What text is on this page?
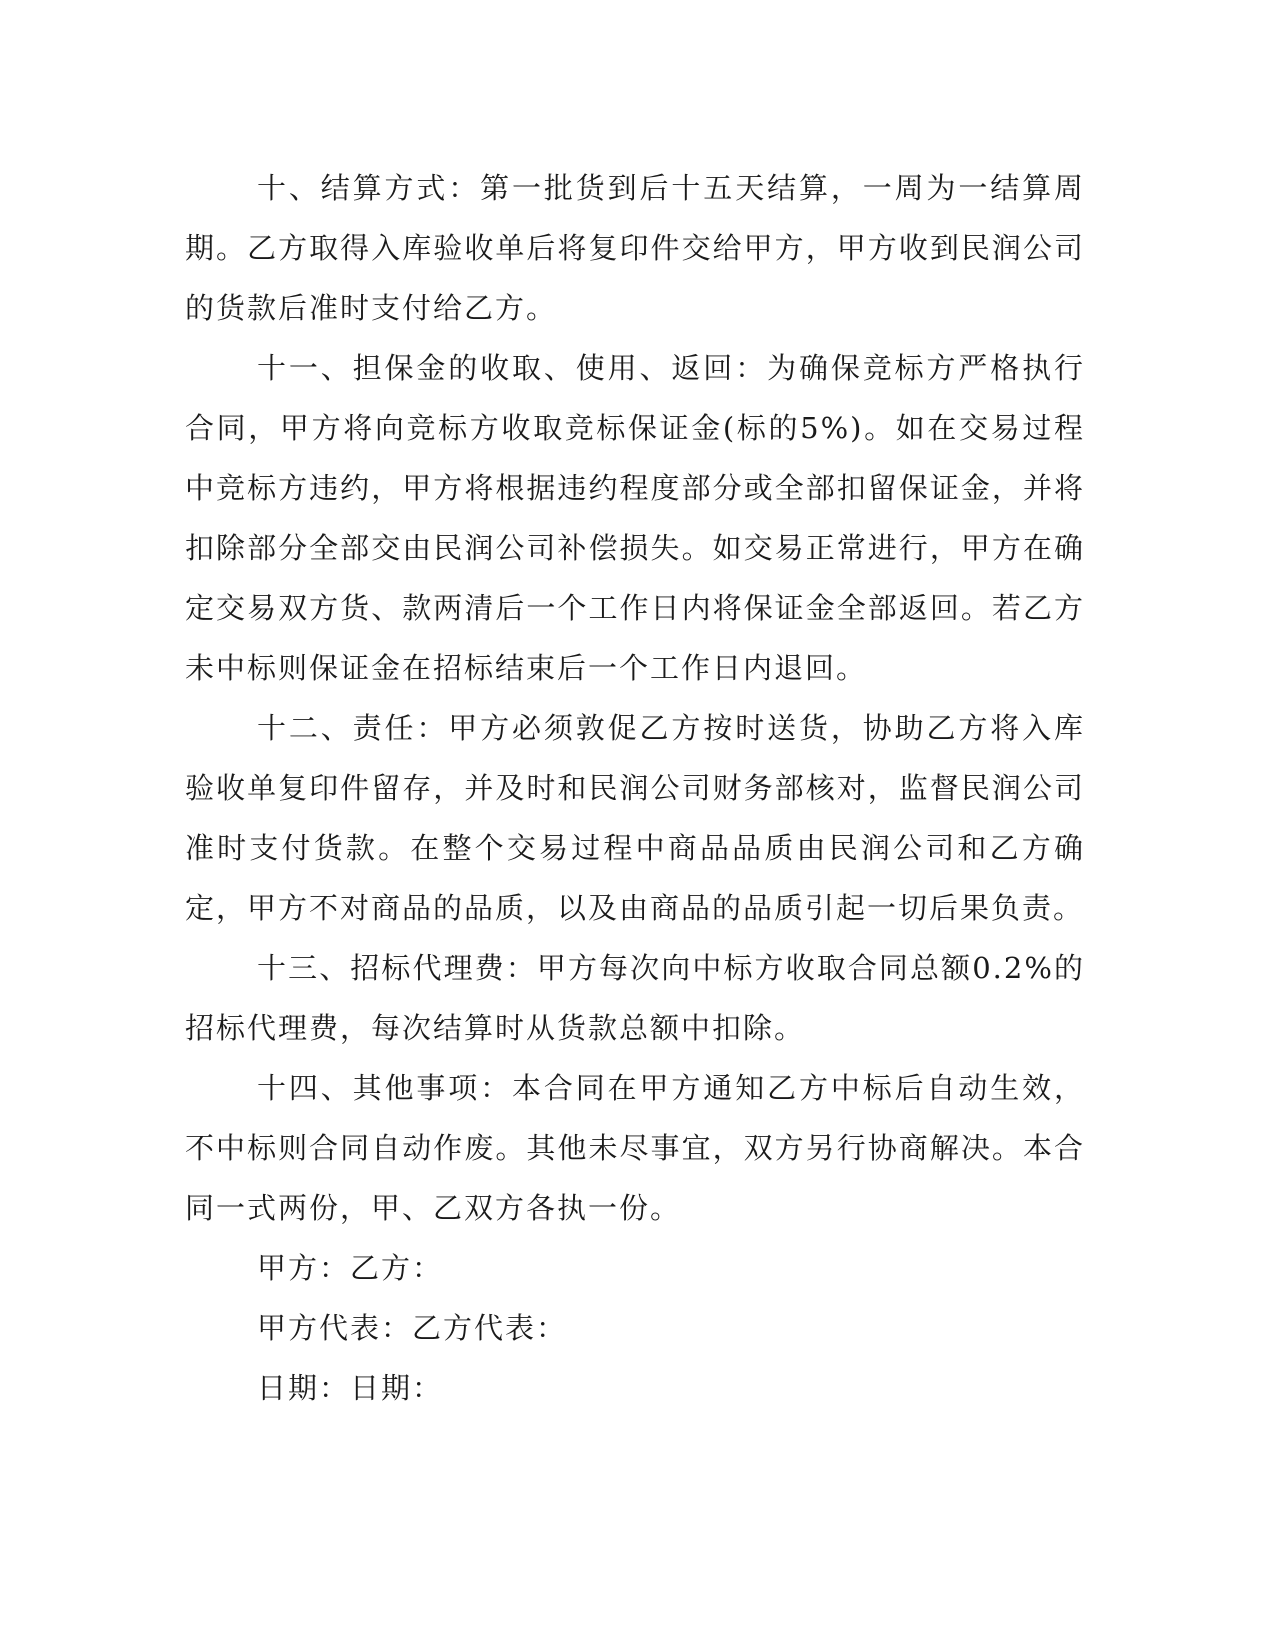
十、结算方式：第一批货到后十五天结算，一周为一结算周期。乙方取得入库验收单后将复印件交给甲方，甲方收到民润公司的货款后准时支付给乙方。

十一、担保金的收取、使用、返回：为确保竞标方严格执行合同，甲方将向竞标方收取竞标保证金(标的5%)。如在交易过程中竞标方违约，甲方将根据违约程度部分或全部扣留保证金，并将扣除部分全部交由民润公司补偿损失。如交易正常进行，甲方在确定交易双方货、款两清后一个工作日内将保证金全部返回。若乙方未中标则保证金在招标结束后一个工作日内退回。

十二、责任：甲方必须敦促乙方按时送货，协助乙方将入库验收单复印件留存，并及时和民润公司财务部核对，监督民润公司准时支付货款。在整个交易过程中商品品质由民润公司和乙方确定，甲方不对商品的品质，以及由商品的品质引起一切后果负责。

十三、招标代理费：甲方每次向中标方收取合同总额0.2%的招标代理费，每次结算时从货款总额中扣除。

十四、其他事项：本合同在甲方通知乙方中标后自动生效，不中标则合同自动作废。其他未尽事宜，双方另行协商解决。本合同一式两份，甲、乙双方各执一份。

甲方：乙方：

甲方代表：乙方代表：

日期：日期：
